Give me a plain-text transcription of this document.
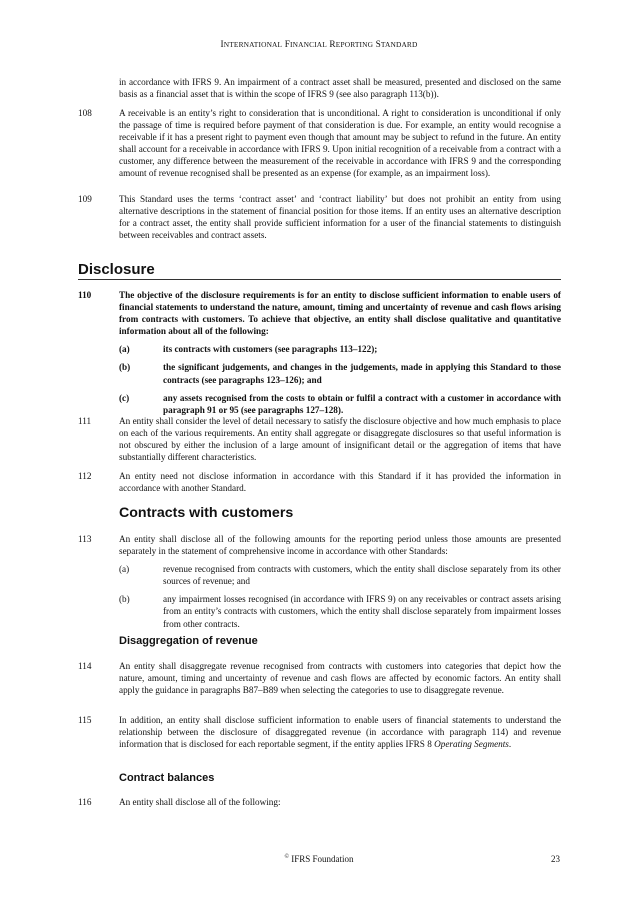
INTERNATIONAL FINANCIAL REPORTING STANDARD
in accordance with IFRS 9. An impairment of a contract asset shall be measured, presented and disclosed on the same basis as a financial asset that is within the scope of IFRS 9 (see also paragraph 113(b)).
108	A receivable is an entity’s right to consideration that is unconditional. A right to consideration is unconditional if only the passage of time is required before payment of that consideration is due. For example, an entity would recognise a receivable if it has a present right to payment even though that amount may be subject to refund in the future. An entity shall account for a receivable in accordance with IFRS 9. Upon initial recognition of a receivable from a contract with a customer, any difference between the measurement of the receivable in accordance with IFRS 9 and the corresponding amount of revenue recognised shall be presented as an expense (for example, as an impairment loss).
109	This Standard uses the terms ‘contract asset’ and ‘contract liability’ but does not prohibit an entity from using alternative descriptions in the statement of financial position for those items. If an entity uses an alternative description for a contract asset, the entity shall provide sufficient information for a user of the financial statements to distinguish between receivables and contract assets.
Disclosure
110	The objective of the disclosure requirements is for an entity to disclose sufficient information to enable users of financial statements to understand the nature, amount, timing and uncertainty of revenue and cash flows arising from contracts with customers. To achieve that objective, an entity shall disclose qualitative and quantitative information about all of the following:
(a)	its contracts with customers (see paragraphs 113–122);
(b)	the significant judgements, and changes in the judgements, made in applying this Standard to those contracts (see paragraphs 123–126); and
(c)	any assets recognised from the costs to obtain or fulfil a contract with a customer in accordance with paragraph 91 or 95 (see paragraphs 127–128).
111	An entity shall consider the level of detail necessary to satisfy the disclosure objective and how much emphasis to place on each of the various requirements. An entity shall aggregate or disaggregate disclosures so that useful information is not obscured by either the inclusion of a large amount of insignificant detail or the aggregation of items that have substantially different characteristics.
112	An entity need not disclose information in accordance with this Standard if it has provided the information in accordance with another Standard.
Contracts with customers
113	An entity shall disclose all of the following amounts for the reporting period unless those amounts are presented separately in the statement of comprehensive income in accordance with other Standards:
(a)	revenue recognised from contracts with customers, which the entity shall disclose separately from its other sources of revenue; and
(b)	any impairment losses recognised (in accordance with IFRS 9) on any receivables or contract assets arising from an entity’s contracts with customers, which the entity shall disclose separately from impairment losses from other contracts.
Disaggregation of revenue
114	An entity shall disaggregate revenue recognised from contracts with customers into categories that depict how the nature, amount, timing and uncertainty of revenue and cash flows are affected by economic factors. An entity shall apply the guidance in paragraphs B87–B89 when selecting the categories to use to disaggregate revenue.
115	In addition, an entity shall disclose sufficient information to enable users of financial statements to understand the relationship between the disclosure of disaggregated revenue (in accordance with paragraph 114) and revenue information that is disclosed for each reportable segment, if the entity applies IFRS 8 Operating Segments.
Contract balances
116	An entity shall disclose all of the following:
© IFRS Foundation	23
